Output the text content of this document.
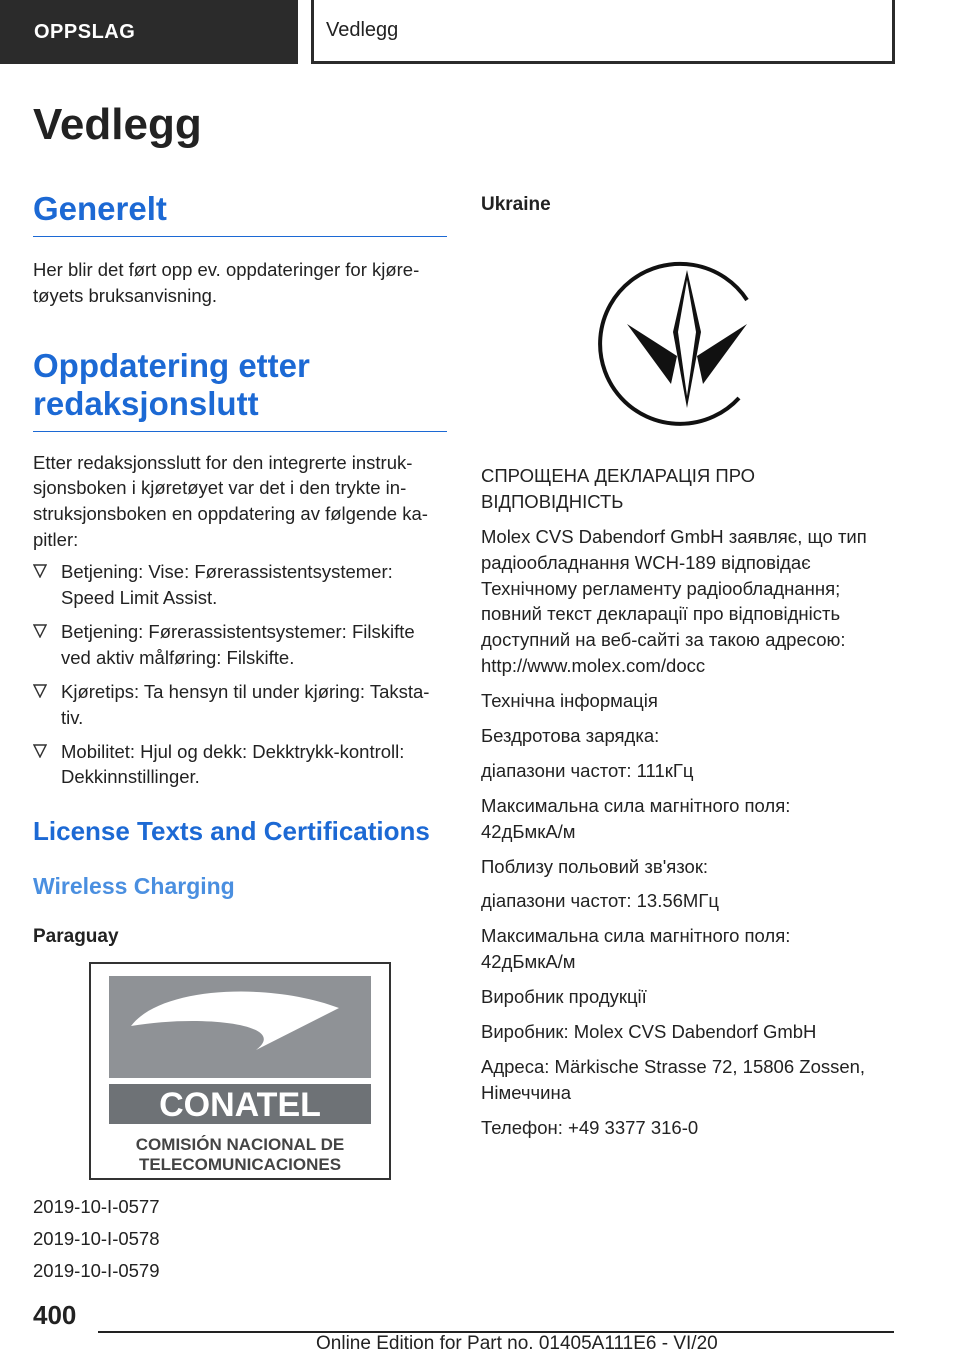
OPPSLAG	Vedlegg
Vedlegg
Generelt

Her blir det ført opp ev. oppdateringer for kjøre-
tøyets bruksanvisning.

Oppdatering etter
redaksjonslutt

Etter redaksjonsslutt for den integrerte instruk-
sjonsboken i kjøretøyet var det i den trykte in-
struksjonsboken en oppdatering av følgende ka-
pitler:

Betjening: Vise: Førerassistentsystemer:
Speed Limit Assist.
Betjening: Førerassistentsystemer: Filskifte
ved aktiv målføring: Filskifte.
Kjøretips: Ta hensyn til under kjøring: Taksta-
tiv.
Mobilitet: Hjul og dekk: Dekktrykk-kontroll:
Dekkinnstillinger.
License Texts and Certifications
Wireless Charging
Paraguay
CONATEL
COMISIÓN NACIONAL DE
TELECOMUNICACIONES

2019-10-I-0577

2019-10-I-0578

2019-10-I-0579

Ukraine

СПРОЩЕНА ДЕКЛАРАЦІЯ ПРО
ВІДПОВІДНІСТЬ

Molex CVS Dabendorf GmbH заявляє, що тип
радіообладнання WCH-189 відповідає
Технічному регламенту радіообладнання;
повний текст декларації про відповідність
доступний на веб-сайті за такою адресою:
http://www.molex.com/docc

Технічна інформація

Бездротова зарядка:

діапазони частот: 111кГц

Максимальна сила магнітного поля:
42дБмкА/м

Поблизу польовий зв'язок:

діапазони частот: 13.56МГц

Максимальна сила магнітного поля:
42дБмкА/м

Виробник продукції

Виробник: Molex CVS Dabendorf GmbH

Адреса: Märkische Strasse 72, 15806 Zossen,
Німеччина

Телефон: +49 3377 316-0

400
Online Edition for Part no. 01405A111E6 - VI/20
